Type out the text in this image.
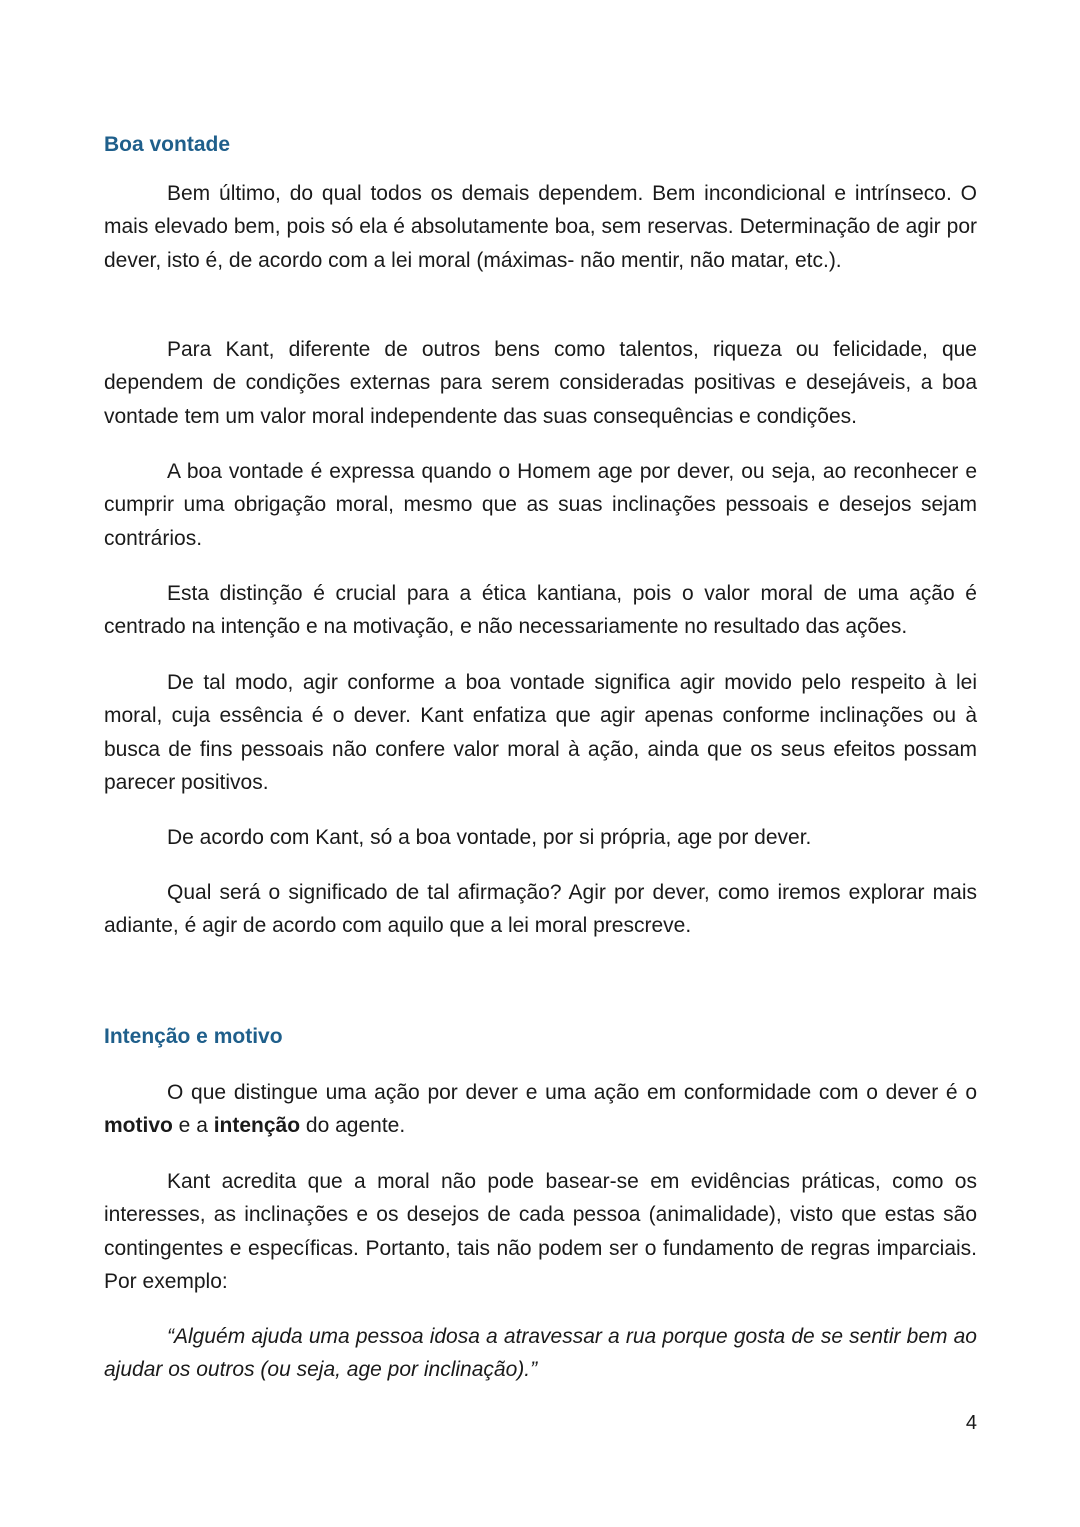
Boa vontade

Bem último, do qual todos os demais dependem. Bem incondicional e intrínseco. O mais elevado bem, pois só ela é absolutamente boa, sem reservas. Determinação de agir por dever, isto é, de acordo com a lei moral (máximas- não mentir, não matar, etc.).

Para Kant, diferente de outros bens como talentos, riqueza ou felicidade, que dependem de condições externas para serem consideradas positivas e desejáveis, a boa vontade tem um valor moral independente das suas consequências e condições.

A boa vontade é expressa quando o Homem age por dever, ou seja, ao reconhecer e cumprir uma obrigação moral, mesmo que as suas inclinações pessoais e desejos sejam contrários.

Esta distinção é crucial para a ética kantiana, pois o valor moral de uma ação é centrado na intenção e na motivação, e não necessariamente no resultado das ações.

De tal modo, agir conforme a boa vontade significa agir movido pelo respeito à lei moral, cuja essência é o dever. Kant enfatiza que agir apenas conforme inclinações ou à busca de fins pessoais não confere valor moral à ação, ainda que os seus efeitos possam parecer positivos.

De acordo com Kant, só a boa vontade, por si própria, age por dever.

Qual será o significado de tal afirmação? Agir por dever, como iremos explorar mais adiante, é agir de acordo com aquilo que a lei moral prescreve.

Intenção e motivo

O que distingue uma ação por dever e uma ação em conformidade com o dever é o motivo e a intenção do agente.

Kant acredita que a moral não pode basear-se em evidências práticas, como os interesses, as inclinações e os desejos de cada pessoa (animalidade), visto que estas são contingentes e específicas. Portanto, tais não podem ser o fundamento de regras imparciais. Por exemplo:

“Alguém ajuda uma pessoa idosa a atravessar a rua porque gosta de se sentir bem ao ajudar os outros (ou seja, age por inclinação).”

4
